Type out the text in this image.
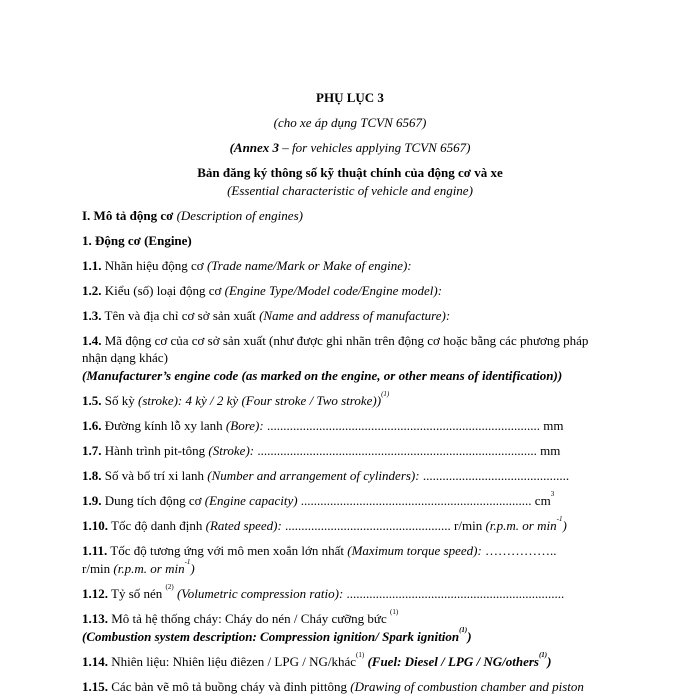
PHỤ LỤC 3
(cho xe áp dụng TCVN 6567)
(Annex 3 – for vehicles applying TCVN 6567)
Bản đăng ký thông số kỹ thuật chính của động cơ và xe
(Essential characteristic of vehicle and engine)
I. Mô tả động cơ (Description of engines)
1. Động cơ (Engine)
1.1. Nhãn hiệu động cơ (Trade name/Mark or Make of engine):
1.2. Kiểu (số) loại động cơ (Engine Type/Model code/Engine model):
1.3. Tên và địa chỉ cơ sở sản xuất (Name and address of manufacture):
1.4. Mã động cơ của cơ sở sản xuất (như được ghi nhãn trên động cơ hoặc bằng các phương pháp
nhận dạng khác)
(Manufacturer’s engine code (as marked on the engine, or other means of identification))
1.5. Số kỳ (stroke): 4 kỳ / 2 kỳ (Four stroke / Two stroke))$^{(1)}$
1.6. Đường kính lỗ xy lanh (Bore): .................................................................................... mm
1.7. Hành trình pit-tông (Stroke): ...................................................................................... mm
1.8. Số và bố trí xi lanh (Number and arrangement of cylinders): .............................................
1.9. Dung tích động cơ (Engine capacity) ....................................................................... $cm^3$
1.10. Tốc độ danh định (Rated speed): ................................................... r/min (r.p.m. or $\min^{-1}$)
1.11. Tốc độ tương ứng với mô men xoắn lớn nhất (Maximum torque speed): ……………..
r/min (r.p.m. or $\min^{-1}$)
1.12. Tỷ số nén $^{(2)}$ (Volumetric compression ratio): ...................................................................
1.13. Mô tả hệ thống cháy: Cháy do nén / Cháy cưỡng bức $^{(1)}$
(Combustion system description: Compression ignition/ Spark ignition$^{(1)}$)
1.14. Nhiên liệu: Nhiên liệu điêzen / LPG / NG/khác$^{(1)}$ (Fuel: Diesel / LPG / NG/others$^{(1)}$)
1.15. Các bản vẽ mô tả buồng cháy và đỉnh pittông (Drawing of combustion chamber and piston
